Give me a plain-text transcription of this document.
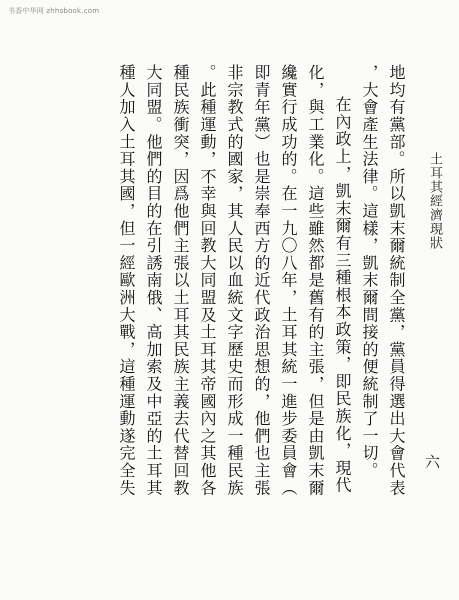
书香中华网 zhhsbook.com
土耳其經濟現狀
六
地均有黨部。所以凱末爾統制全黨，黨員得選出大會代表
，大會產生法律。這樣，凱末爾間接的便統制了一切。
在內政上，凱末爾有三種根本政策，即民族化，現代
化，與工業化。這些雖然都是舊有的主張，但是由凱末爾
纔實行成功的。在一九〇八年，土耳其統一進步委員會（
即青年黨）也是崇奉西方的近代政治思想的，他們也主張
非宗教式的國家，其人民以血統文字歷史而形成一種民族
。此種運動，不幸與回教大同盟及土耳其帝國內之其他各
種民族衝突，因爲他們主張以土耳其民族主義去代替回教
大同盟。他們的目的在引誘南俄、高加索及中亞的土耳其
種人加入土耳其國，但一經歐洲大戰，這種運動遂完全失
